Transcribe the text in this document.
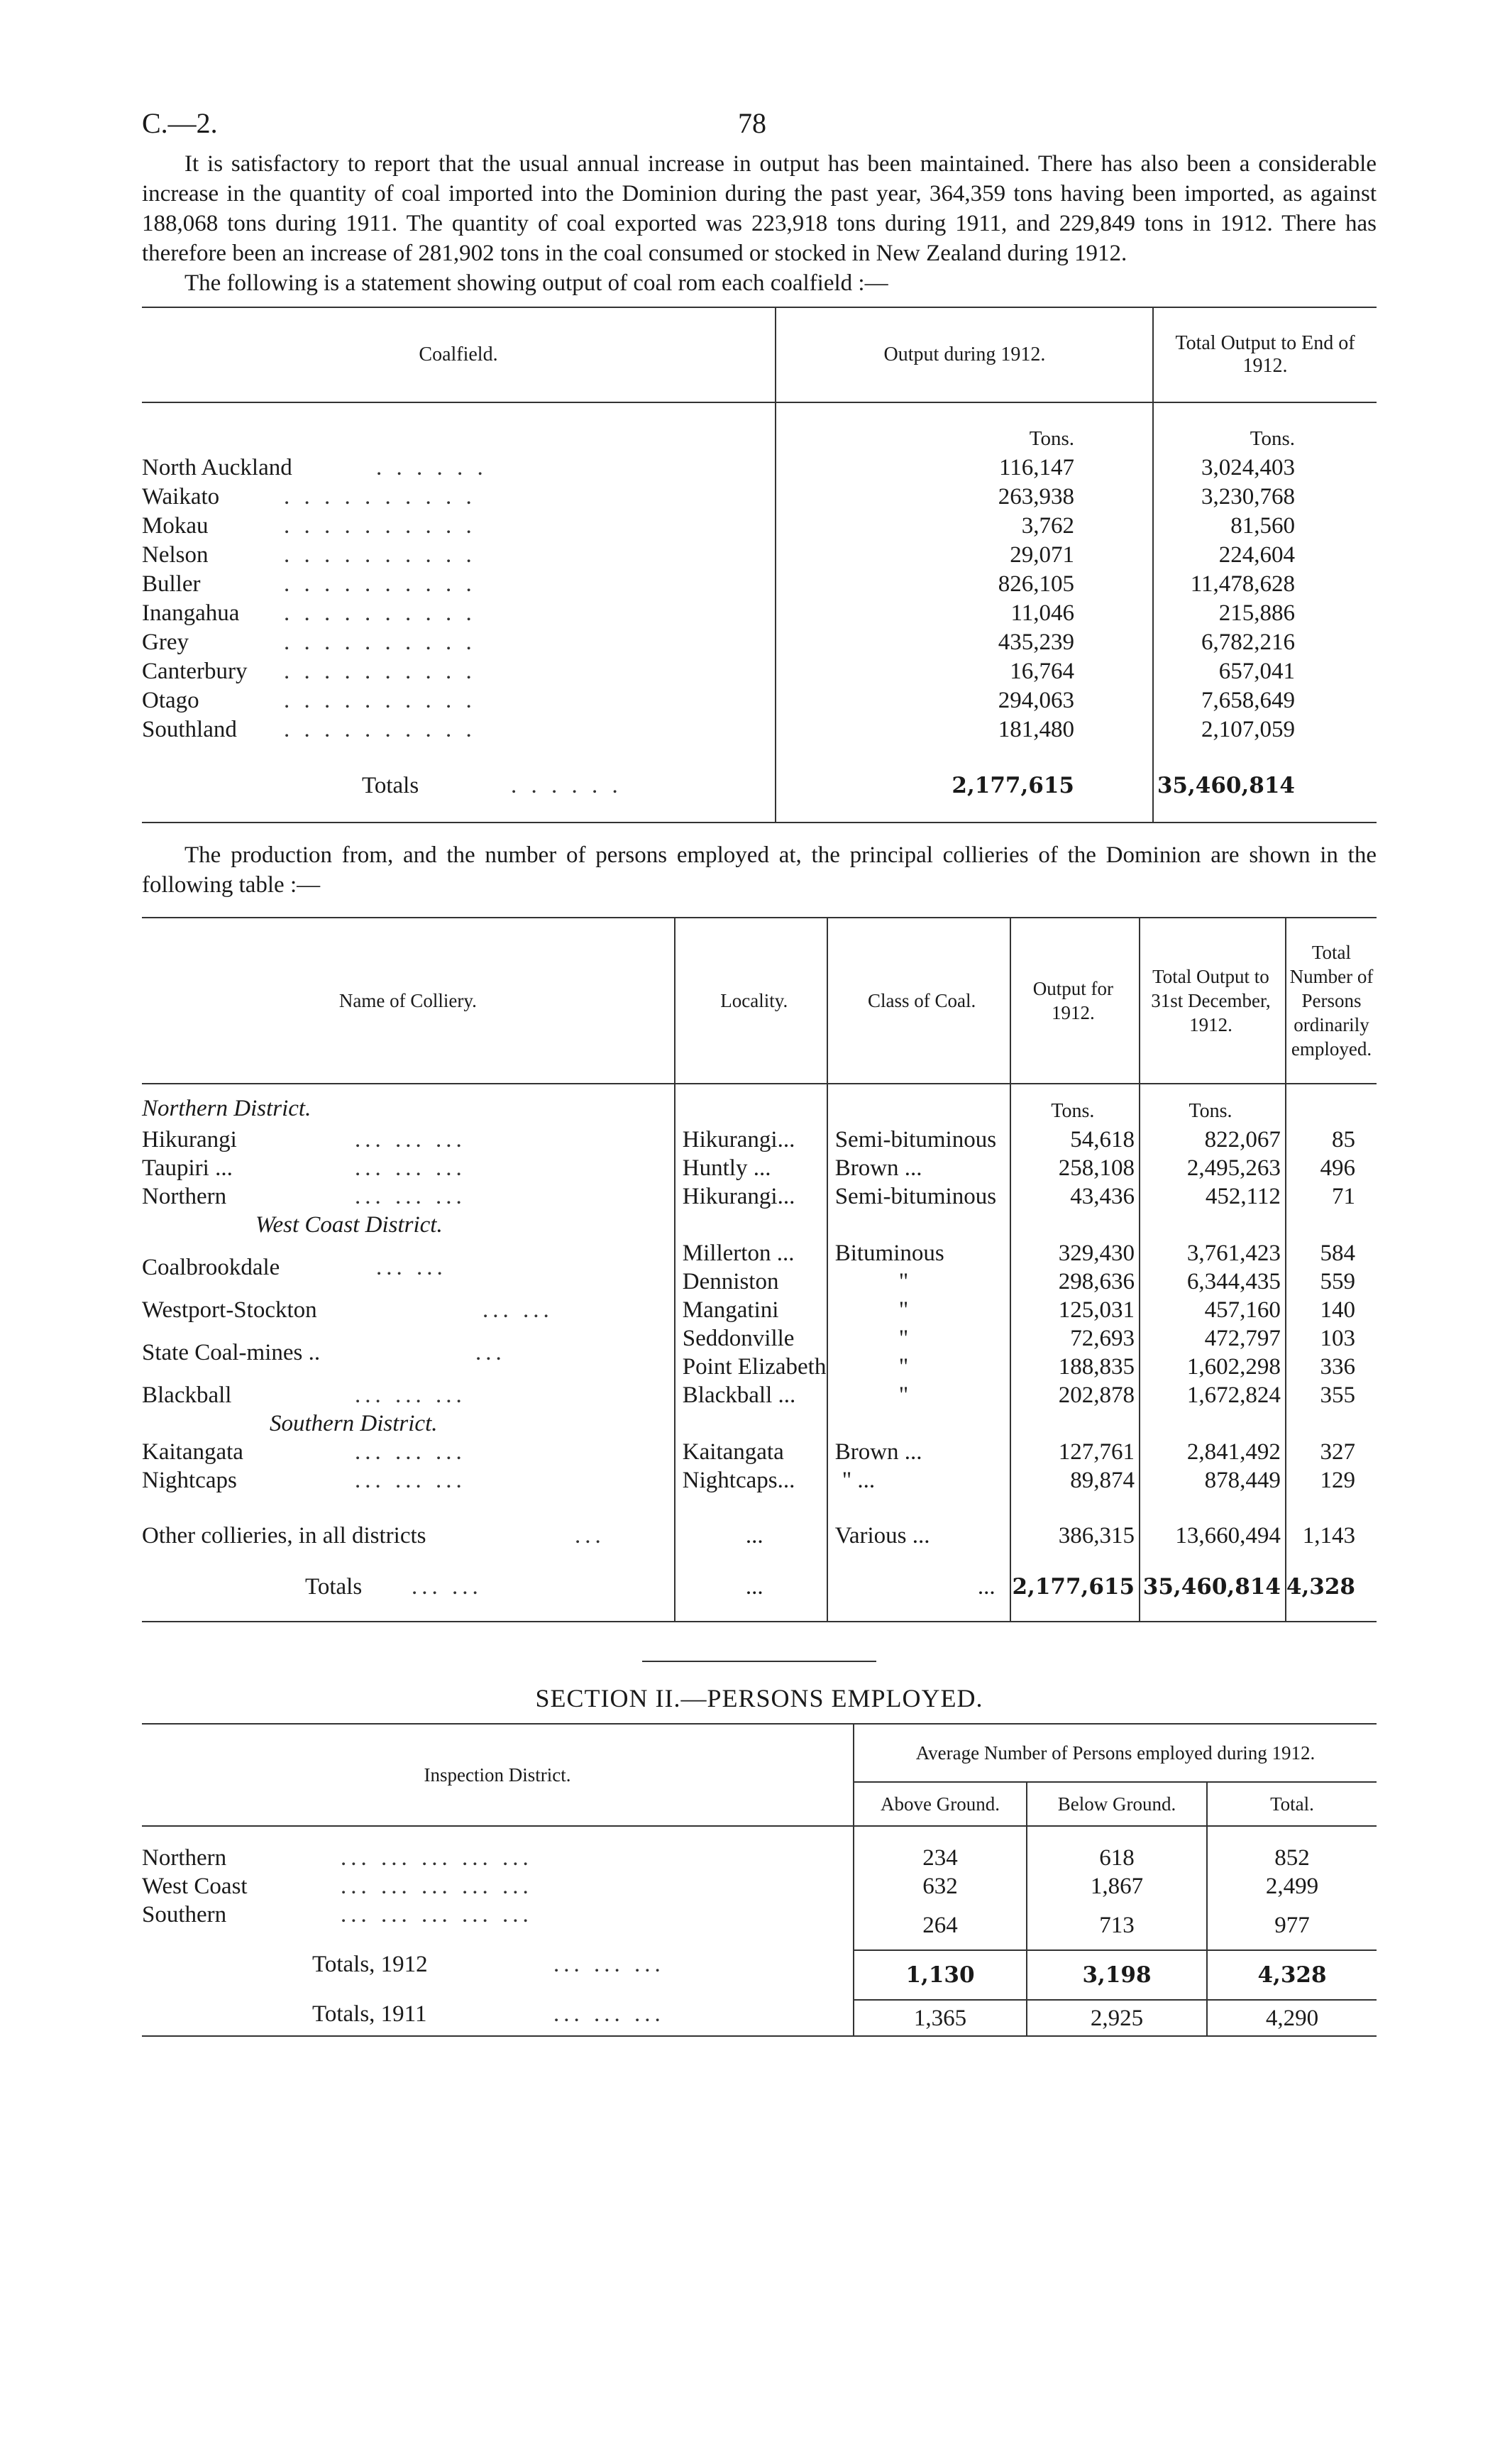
C.—2.	78

It is satisfactory to report that the usual annual increase in output has been maintained. There has also been a considerable increase in the quantity of coal imported into the Dominion during the past year, 364,359 tons having been imported, as against 188,068 tons during 1911. The quantity of coal exported was 223,918 tons during 1911, and 229,849 tons in 1912. There has therefore been an increase of 281,902 tons in the coal consumed or stocked in New Zealand during 1912.

The following is a statement showing output of coal rom each coalfield :—

Coalfield.	Output during 1912.	Total Output to End of 1912.
	Tons.	Tons.
North Auckland . . . . . .	116,147	3,024,403
Waikato . . . . . . . . . .	263,938	3,230,768
Mokau . . . . . . . . . .	3,762	81,560
Nelson . . . . . . . . . .	29,071	224,604
Buller . . . . . . . . . .	826,105	11,478,628
Inangahua . . . . . . . . . .	11,046	215,886
Grey . . . . . . . . . .	435,239	6,782,216
Canterbury . . . . . . . . . .	16,764	657,041
Otago . . . . . . . . . .	294,063	7,658,649
Southland . . . . . . . . . .	181,480	2,107,059
Totals . . . . . .	2,177,615	35,460,814

The production from, and the number of persons employed at, the principal collieries of the Dominion are shown in the following table :—

Name of Colliery.	Locality.	Class of Coal.	Output for 1912.	Total Output to 31st December, 1912.	Total Number of Persons ordinarily employed.
Northern District.			Tons.	Tons.	
Hikurangi ... ... ...	Hikurangi...	Semi-bituminous	54,618	822,067	85
Taupiri ... ... ... ...	Huntly ...	Brown ...	258,108	2,495,263	496
Northern ... ... ...	Hikurangi...	Semi-bituminous	43,436	452,112	71
West Coast District.					
Coalbrookdale ... ...	Millerton ...	Bituminous	329,430	3,761,423	584
	Denniston	"	298,636	6,344,435	559
Westport-Stockton ... ...	Mangatini	"	125,031	457,160	140
State Coal-mines .. ...	Seddonville	"	72,693	472,797	103
	Point Elizabeth	"	188,835	1,602,298	336
Blackball ... ... ...	Blackball ...	"	202,878	1,672,824	355
Southern District.					
Kaitangata ... ... ...	Kaitangata	Brown ...	127,761	2,841,492	327
Nightcaps ... ... ...	Nightcaps...	" ...	89,874	878,449	129
Other collieries, in all districts ...	...	Various ...	386,315	13,660,494	1,143
Totals ... ...	...	...	2,177,615	35,460,814	4,328
SECTION II.—PERSONS EMPLOYED.
Inspection District.	Average Number of Persons employed during 1912.		
	Above Ground.	Below Ground.	Total.
Northern ... ... ... ... ...	234	618	852
West Coast ... ... ... ... ...	632	1,867	2,499
Southern ... ... ... ... ...	264	713	977
Totals, 1912 ... ... ...	1,130	3,198	4,328
Totals, 1911 ... ... ...	1,365	2,925	4,290
